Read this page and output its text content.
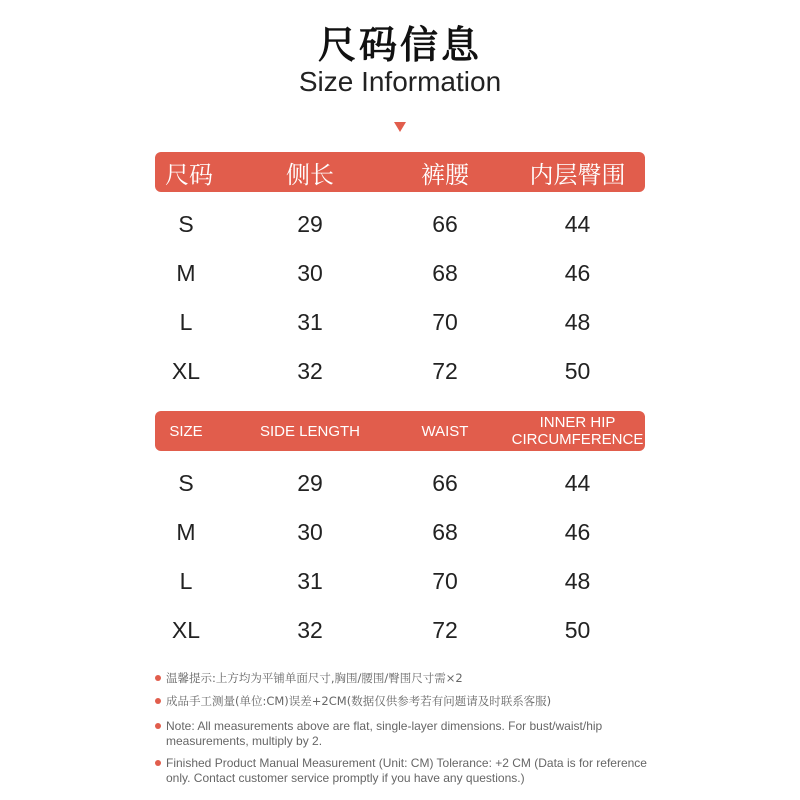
尺码信息
Size Information
尺码	侧长	裤腰	内层臀围
S	29	66	44
M	30	68	46
L	31	70	48
XL	32	72	50
SIZE	SIDE LENGTH	WAIST	INNER HIP CIRCUMFERENCE
S	29	66	44
M	30	68	46
L	31	70	48
XL	32	72	50
温馨提示:上方均为平铺单面尺寸,胸围/腰围/臀围尺寸需×2
成品手工测量(单位:CM)误差+2CM(数据仅供参考若有问题请及时联系客服)
Note: All measurements above are flat, single-layer dimensions. For bust/waist/hip measurements, multiply by 2.
Finished Product Manual Measurement (Unit: CM) Tolerance: +2 CM (Data is for reference only. Contact customer service promptly if you have any questions.)
